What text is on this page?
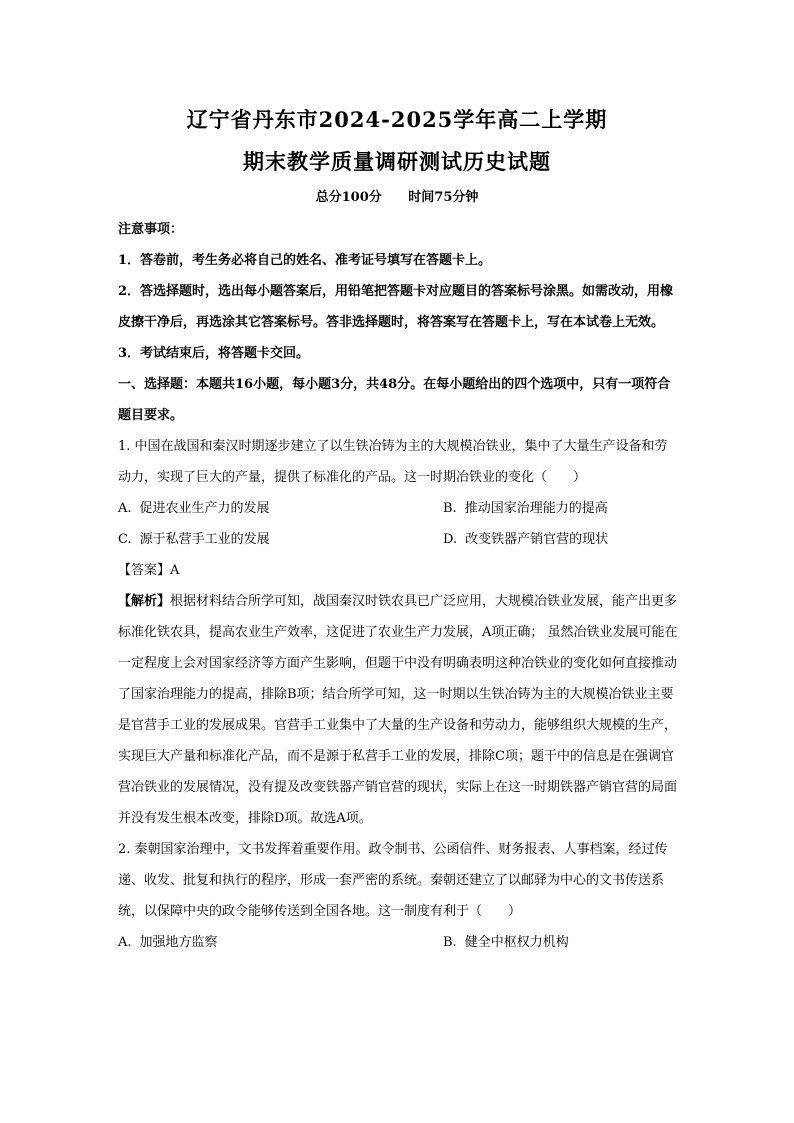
辽宁省丹东市2024-2025学年高二上学期
期末教学质量调研测试历史试题
总分100分 时间75分钟

注意事项：

1．答卷前，考生务必将自己的姓名、准考证号填写在答题卡上。

2．答选择题时，选出每小题答案后，用铅笔把答题卡对应题目的答案标号涂黑。如需改动，用橡皮擦干净后，再选涂其它答案标号。答非选择题时，将答案写在答题卡上，写在本试卷上无效。

3．考试结束后，将答题卡交回。

一、选择题：本题共16小题，每小题3分，共48分。在每小题给出的四个选项中，只有一项符合题目要求。

1. 中国在战国和秦汉时期逐步建立了以生铁冶铸为主的大规模冶铁业，集中了大量生产设备和劳动力，实现了巨大的产量，提供了标准化的产品。这一时期冶铁业的变化（　　）

A. 促进农业生产力的发展	B. 推动国家治理能力的提高
C. 源于私营手工业的发展	D. 改变铁器产销官营的现状

【答案】A

【解析】根据材料结合所学可知，战国秦汉时铁农具已广泛应用，大规模冶铁业发展，能产出更多标准化铁农具，提高农业生产效率，这促进了农业生产力发展，A项正确； 虽然冶铁业发展可能在一定程度上会对国家经济等方面产生影响，但题干中没有明确表明这种冶铁业的变化如何直接推动了国家治理能力的提高，排除B项；结合所学可知，这一时期以生铁冶铸为主的大规模冶铁业主要是官营手工业的发展成果。官营手工业集中了大量的生产设备和劳动力，能够组织大规模的生产，实现巨大产量和标准化产品，而不是源于私营手工业的发展，排除C项；题干中的信息是在强调官营冶铁业的发展情况，没有提及改变铁器产销官营的现状，实际上在这一时期铁器产销官营的局面并没有发生根本改变，排除D项。故选A项。

2. 秦朝国家治理中，文书发挥着重要作用。政令制书、公函信件、财务报表、人事档案，经过传递、收发、批复和执行的程序，形成一套严密的系统。秦朝还建立了以邮驿为中心的文书传送系统，以保障中央的政令能够传送到全国各地。这一制度有利于（　　）

A. 加强地方监察	B. 健全中枢权力机构
